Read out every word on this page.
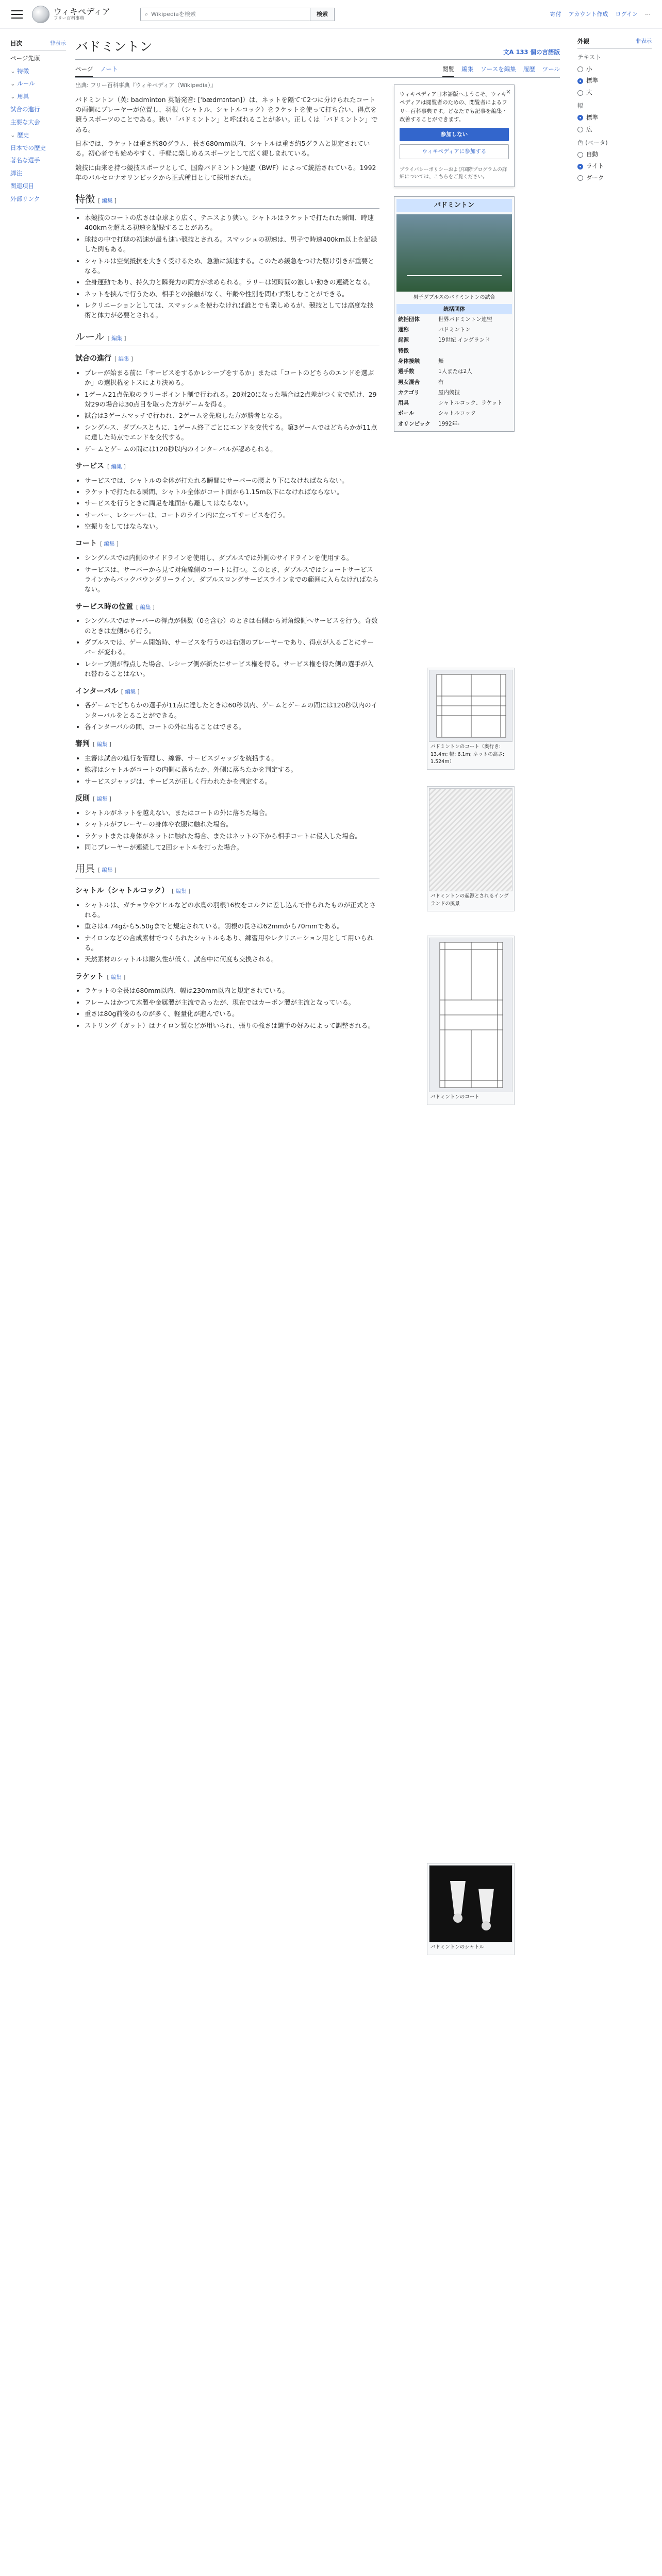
ウィキペディア
フリー百科事典
⌕ Wikipediaを検索	検索	寄付 アカウント作成 ログイン ⋯
目次	非表示
ページ先頭
⌄ 特徴
⌄ ルール
⌄ 用具
試合の進行
主要な大会
⌄ 歴史
日本での歴史
著名な選手
脚注
関連項目
外部リンク
バドミントン	文A 133 個の言語版
ページ ノート	閲覧 編集 ソースを編集 履歴 ツール
出典: フリー百科事典『ウィキペディア（Wikipedia）』

バドミントン（英: badminton 英語発音: [ˈbædmɪntən]）は、ネットを隔てて2つに分けられたコートの両側にプレーヤーが位置し、羽根（シャトル、シャトルコック）をラケットを使って打ち合い、得点を競うスポーツのことである。狭い「バドミントン」と呼ばれることが多い。正しくは「バドミントン」である。

日本では、ラケットは重さ約80グラム、長さ680mm以内、シャトルは重さ約5グラムと規定されている。初心者でも始めやすく、手軽に楽しめるスポーツとして広く親しまれている。

競技に由来を持つ競技スポーツとして、国際バドミントン連盟（BWF）によって統括されている。1992年のバルセロナオリンピックから正式種目として採用された。

特徴 [ 編集 ]
• 本競技のコートの広さは卓球より広く、テニスより狭い。シャトルはラケットで打たれた瞬間、時速400kmを超える初速を記録することがある。
• 球技の中で打球の初速が最も速い競技とされる。スマッシュの初速は、男子で時速400km以上を記録した例もある。
• シャトルは空気抵抗を大きく受けるため、急激に減速する。このため緩急をつけた駆け引きが重要となる。
• 全身運動であり、持久力と瞬発力の両方が求められる。ラリーは短時間の激しい動きの連続となる。
• ネットを挟んで行うため、相手との接触がなく、年齢や性別を問わず楽しむことができる。
• レクリエーションとしては、スマッシュを使わなければ誰とでも楽しめるが、競技としては高度な技術と体力が必要とされる。
ルール [ 編集 ]
試合の進行 [ 編集 ]
• プレーが始まる前に「サービスをするかレシーブをするか」または「コートのどちらのエンドを選ぶか」の選択権をトスにより決める。
• 1ゲーム21点先取のラリーポイント制で行われる。20対20になった場合は2点差がつくまで続け、29対29の場合は30点目を取った方がゲームを得る。
• 試合は3ゲームマッチで行われ、2ゲームを先取した方が勝者となる。
• シングルス、ダブルスともに、1ゲーム終了ごとにエンドを交代する。第3ゲームではどちらかが11点に達した時点でエンドを交代する。
• ゲームとゲームの間には120秒以内のインターバルが認められる。
サービス [ 編集 ]
• サービスでは、シャトルの全体が打たれる瞬間にサーバーの腰より下になければならない。
• ラケットで打たれる瞬間、シャトル全体がコート面から1.15m以下になければならない。
• サービスを行うときに両足を地面から離してはならない。
• サーバー、レシーバーは、コートのライン内に立ってサービスを行う。
• 空振りをしてはならない。
コート [ 編集 ]
• シングルスでは内側のサイドラインを使用し、ダブルスでは外側のサイドラインを使用する。
• サービスは、サーバーから見て対角線側のコートに打つ。このとき、ダブルスではショートサービスラインからバックバウンダリーライン、ダブルスロングサービスラインまでの範囲に入らなければならない。
サービス時の位置 [ 編集 ]
• シングルスではサーバーの得点が偶数（0を含む）のときは右側から対角線側へサービスを行う。奇数のときは左側から行う。
• ダブルスでは、ゲーム開始時、サービスを行うのは右側のプレーヤーであり、得点が入るごとにサーバーが変わる。
• レシーブ側が得点した場合、レシーブ側が新たにサービス権を得る。サービス権を得た側の選手が入れ替わることはない。
インターバル [ 編集 ]
• 各ゲームでどちらかの選手が11点に達したときは60秒以内、ゲームとゲームの間には120秒以内のインターバルをとることができる。
• 各インターバルの間、コートの外に出ることはできる。
審判 [ 編集 ]
• 主審は試合の進行を管理し、線審、サービスジャッジを統括する。
• 線審はシャトルがコートの内側に落ちたか、外側に落ちたかを判定する。
• サービスジャッジは、サービスが正しく行われたかを判定する。
反則 [ 編集 ]
• シャトルがネットを越えない、またはコートの外に落ちた場合。
• シャトルがプレーヤーの身体や衣服に触れた場合。
• ラケットまたは身体がネットに触れた場合、またはネットの下から相手コートに侵入した場合。
• 同じプレーヤーが連続して2回シャトルを打った場合。
用具 [ 編集 ]
シャトル（シャトルコック） [ 編集 ]
• シャトルは、ガチョウやアヒルなどの水鳥の羽根16枚をコルクに差し込んで作られたものが正式とされる。
• 重さは4.74gから5.50gまでと規定されている。羽根の長さは62mmから70mmである。
• ナイロンなどの合成素材でつくられたシャトルもあり、練習用やレクリエーション用として用いられる。
• 天然素材のシャトルは耐久性が低く、試合中に何度も交換される。
ラケット [ 編集 ]
• ラケットの全長は680mm以内、幅は230mm以内と規定されている。
• フレームはかつて木製や金属製が主流であったが、現在ではカーボン製が主流となっている。
• 重さは80g前後のものが多く、軽量化が進んでいる。
• ストリング（ガット）はナイロン製などが用いられ、張りの強さは選手の好みによって調整される。
×
ウィキペディア日本語版へようこそ。ウィキペディアは閲覧者のための、閲覧者によるフリー百科事典です。どなたでも記事を編集・改善することができます。
参加しない
ウィキペディアに参加する
プライバシーポリシーおよび国際プログラムの詳細については、こちらをご覧ください。
バドミントン
男子ダブルスのバドミントンの試合
統括団体
統括団体	世界バドミントン連盟
通称	バドミントン
起源	19世紀 イングランド
特徴	
身体接触	無
選手数	1人または2人
男女混合	有
カテゴリ	屋内競技
用具	シャトルコック、ラケット
ボール	シャトルコック
オリンピック	1992年-
バドミントンのコート（奥行き: 13.4m; 幅: 6.1m; ネットの高さ: 1.524m）
バドミントンの起源とされるイングランドの風景
バドミントンのコート
バドミントンのシャトル
外観	非表示
テキスト
小
標準
大
幅
標準
広
色 (ベータ)
自動
ライト
ダーク
